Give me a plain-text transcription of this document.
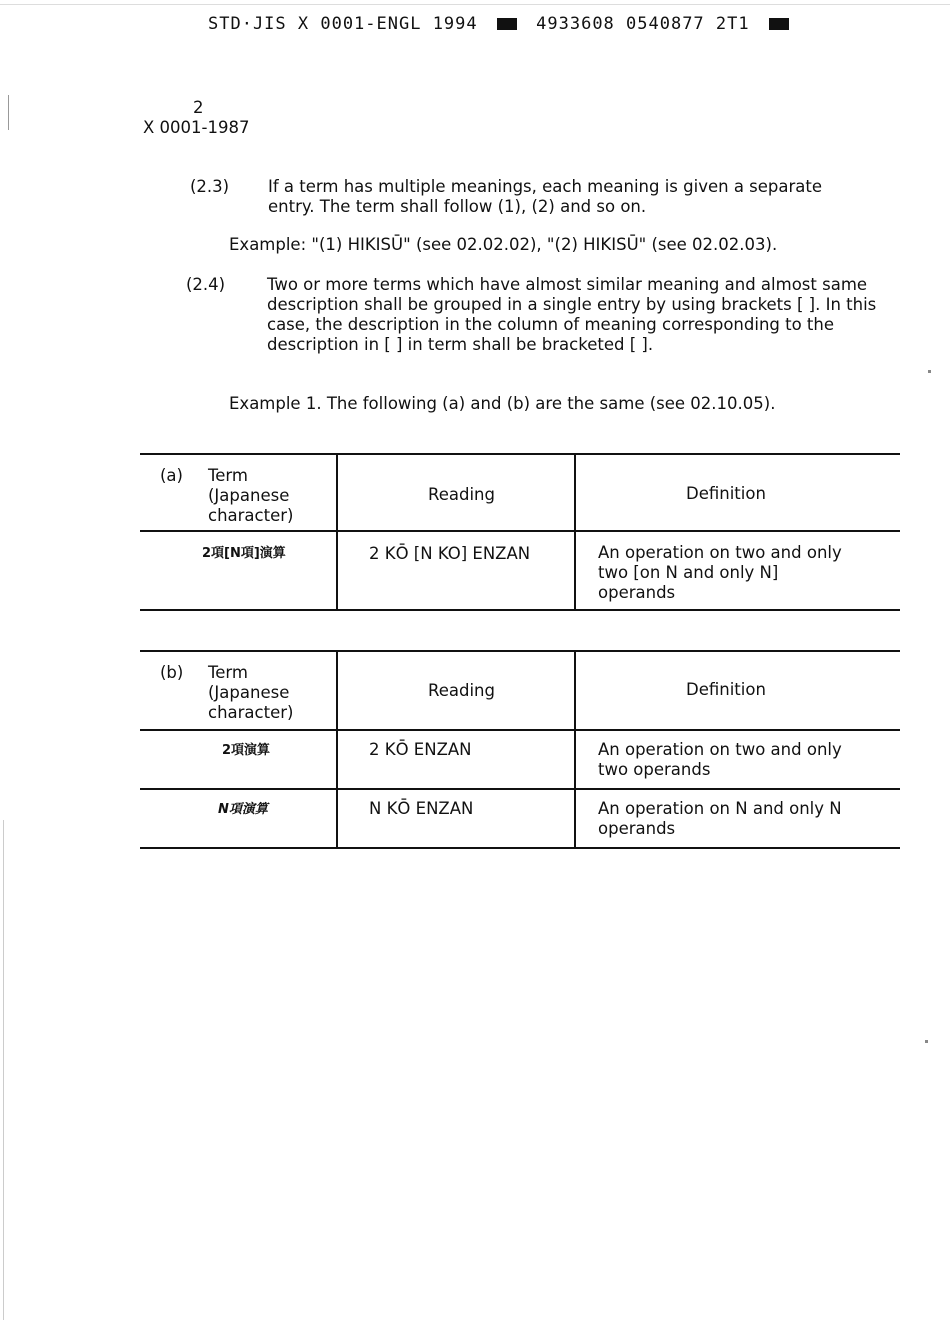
STD·JIS X 0001-ENGL 1994	4933608 0540877 2T1
2
X 0001-1987
(2.3) If a term has multiple meanings, each meaning is given a separate entry. The term shall follow (1), (2) and so on.
Example: "(1) HIKISŪ" (see 02.02.02), "(2) HIKISŪ" (see 02.02.03).
(2.4)	Two or more terms which have almost similar meaning and almost same description shall be grouped in a single entry by using brackets [ ]. In this case, the description in the column of meaning corresponding to the description in [ ] in term shall be bracketed [ ].
Example 1. The following (a) and (b) are the same (see 02.10.05).
(a) Term
(Japanese
character)
Reading	Definition
2項[N項]演算	2 KŌ [N KO] ENZAN	An operation on two and only
two [on N and only N]
operands
(b) Term
(Japanese
character)
Reading	Definition
2項演算	2 KŌ ENZAN	An operation on two and only
two operands
N項演算	N KŌ ENZAN	An operation on N and only N
operands
